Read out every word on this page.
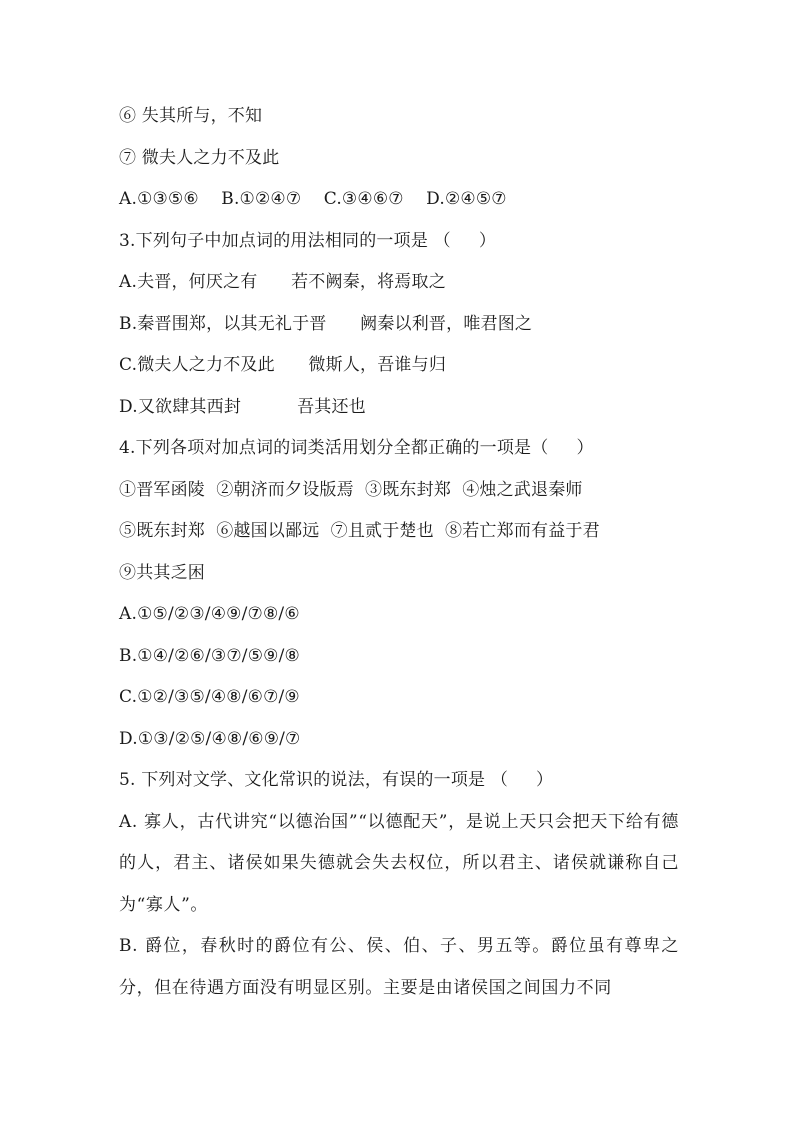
⑥ 失其所与，不知
⑦ 微夫人之力不及此
A.①③⑤⑥    B.①②④⑦    C.③④⑥⑦    D.②④⑤⑦
3.下列句子中加点词的用法相同的一项是 （     ）
A.夫晋，何厌之有      若不阙秦，将焉取之
B.秦晋围郑，以其无礼于晋      阙秦以利晋，唯君图之
C.微夫人之力不及此      微斯人，吾谁与归
D.又欲肆其西封          吾其还也
4.下列各项对加点词的词类活用划分全都正确的一项是（     ）
①晋军函陵  ②朝济而夕设版焉  ③既东封郑  ④烛之武退秦师
⑤既东封郑  ⑥越国以鄙远  ⑦且贰于楚也  ⑧若亡郑而有益于君
⑨共其乏困
A.①⑤/②③/④⑨/⑦⑧/⑥
B.①④/②⑥/③⑦/⑤⑨/⑧
C.①②/③⑤/④⑧/⑥⑦/⑨
D.①③/②⑤/④⑧/⑥⑨/⑦
5. 下列对文学、文化常识的说法，有误的一项是 （     ）
A. 寡人，古代讲究“以德治国”“以德配天”，是说上天只会把天下给有德的人，君主、诸侯如果失德就会失去权位，所以君主、诸侯就谦称自己为“寡人”。
B. 爵位，春秋时的爵位有公、侯、伯、子、男五等。爵位虽有尊卑之分，但在待遇方面没有明显区别。主要是由诸侯国之间国力不同
